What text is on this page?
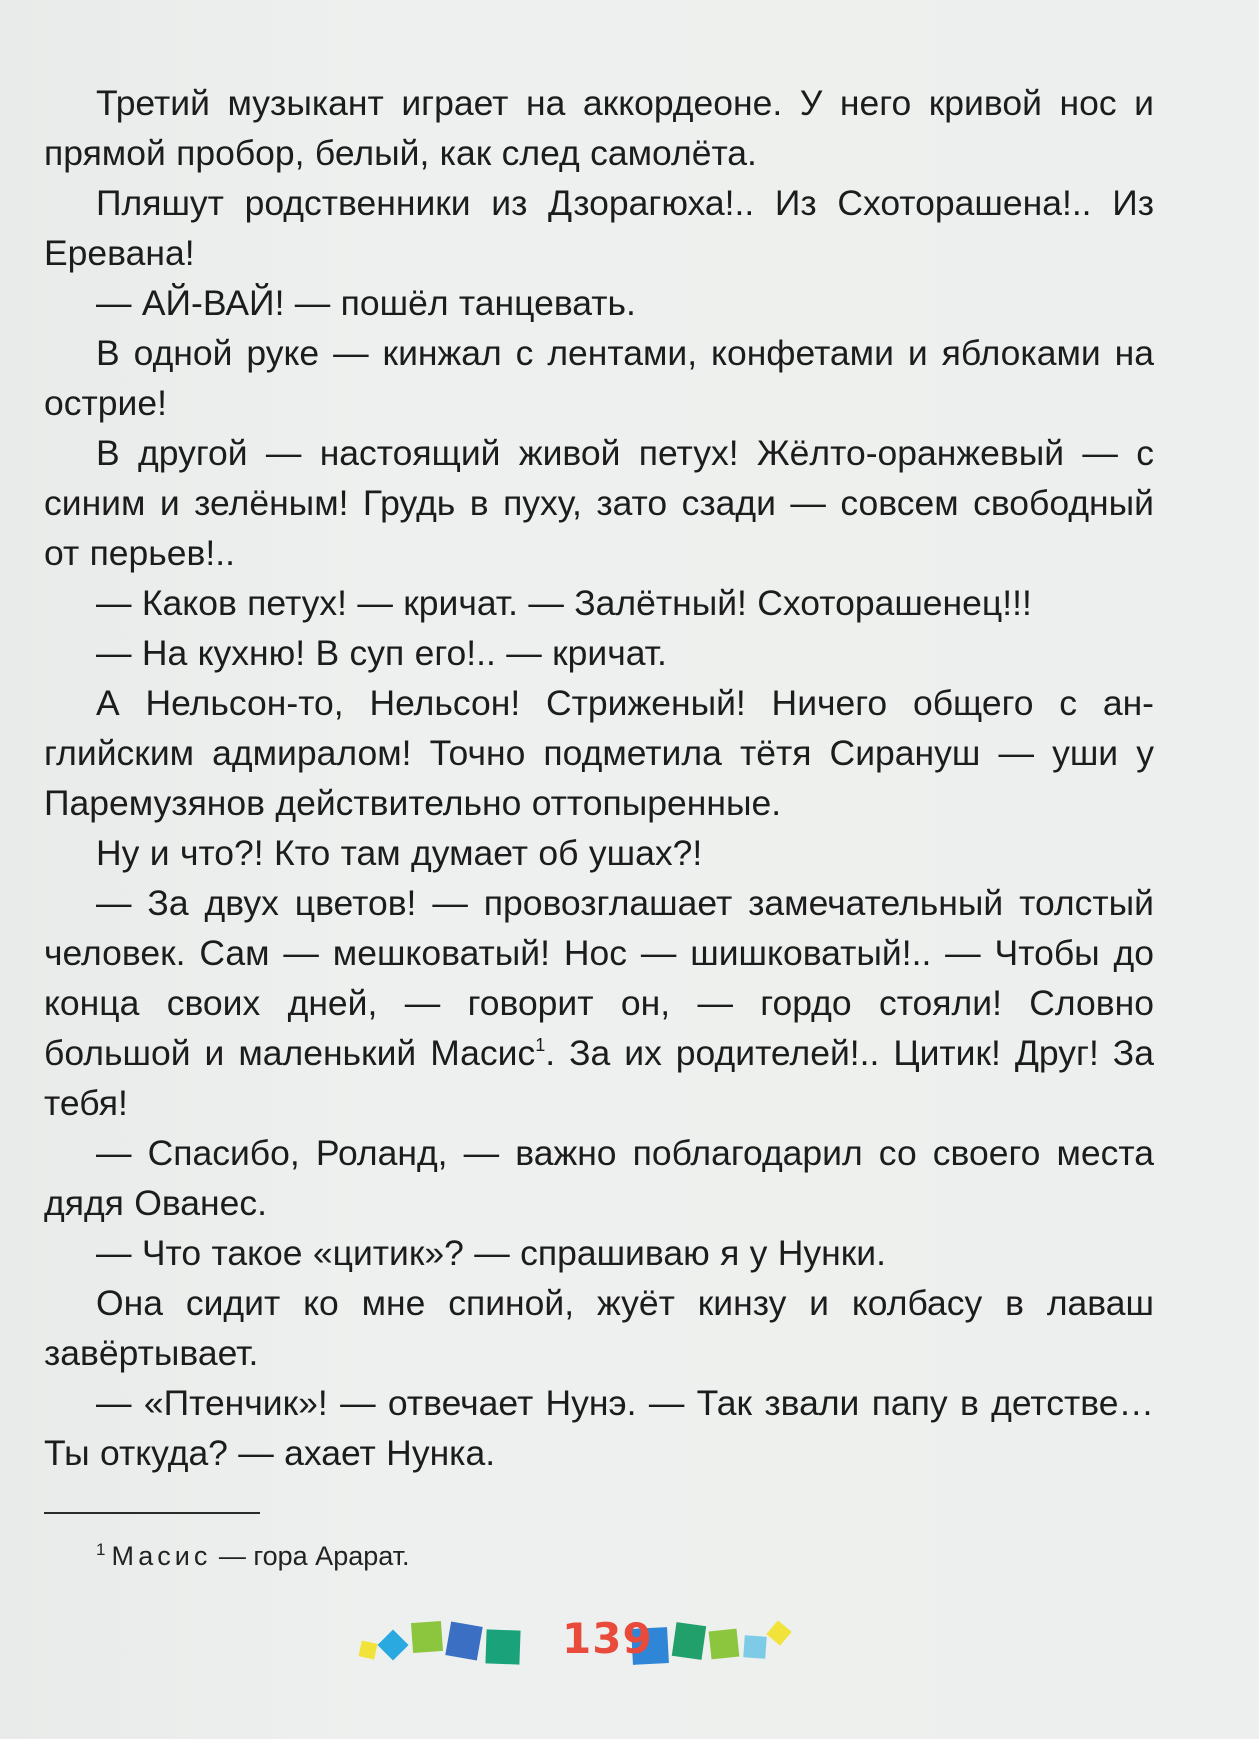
Третий музыкант играет на аккордеоне. У него кривой нос и прямой пробор, белый, как след самолёта.

Пляшут родственники из Дзорагюха!.. Из Схоторашена!.. Из Еревана!

— АЙ-ВАЙ! — пошёл танцевать.

В одной руке — кинжал с лентами, конфетами и яблоками на острие!

В другой — настоящий живой петух! Жёлто-оранжевый — с синим и зелёным! Грудь в пуху, зато сзади — совсем свободный от перьев!..

— Каков петух! — кричат. — Залётный! Схоторашенец!!!

— На кухню! В суп его!.. — кричат.

А Нельсон-то, Нельсон! Стриженый! Ничего общего с английским адмиралом! Точно подметила тётя Сирануш — уши у Паремузянов действительно оттопыренные.

Ну и что?! Кто там думает об ушах?!

— За двух цветов! — провозглашает замечательный толстый человек. Сам — мешковатый! Нос — шишковатый!.. — Чтобы до конца своих дней, — говорит он, — гордо стояли! Словно большой и маленький Масис$^1$. За их родителей!.. Цитик! Друг! За тебя!

— Спасибо, Роланд, — важно поблагодарил со своего места дядя Ованес.

— Что такое «цитик»? — спрашиваю я у Нунки.

Она сидит ко мне спиной, жуёт кинзу и колбасу в лаваш завёртывает.

— «Птенчик»! — отвечает Нунэ. — Так звали папу в детстве… Ты откуда? — ахает Нунка.

$^1$ Масис — гора Арарат.
139
